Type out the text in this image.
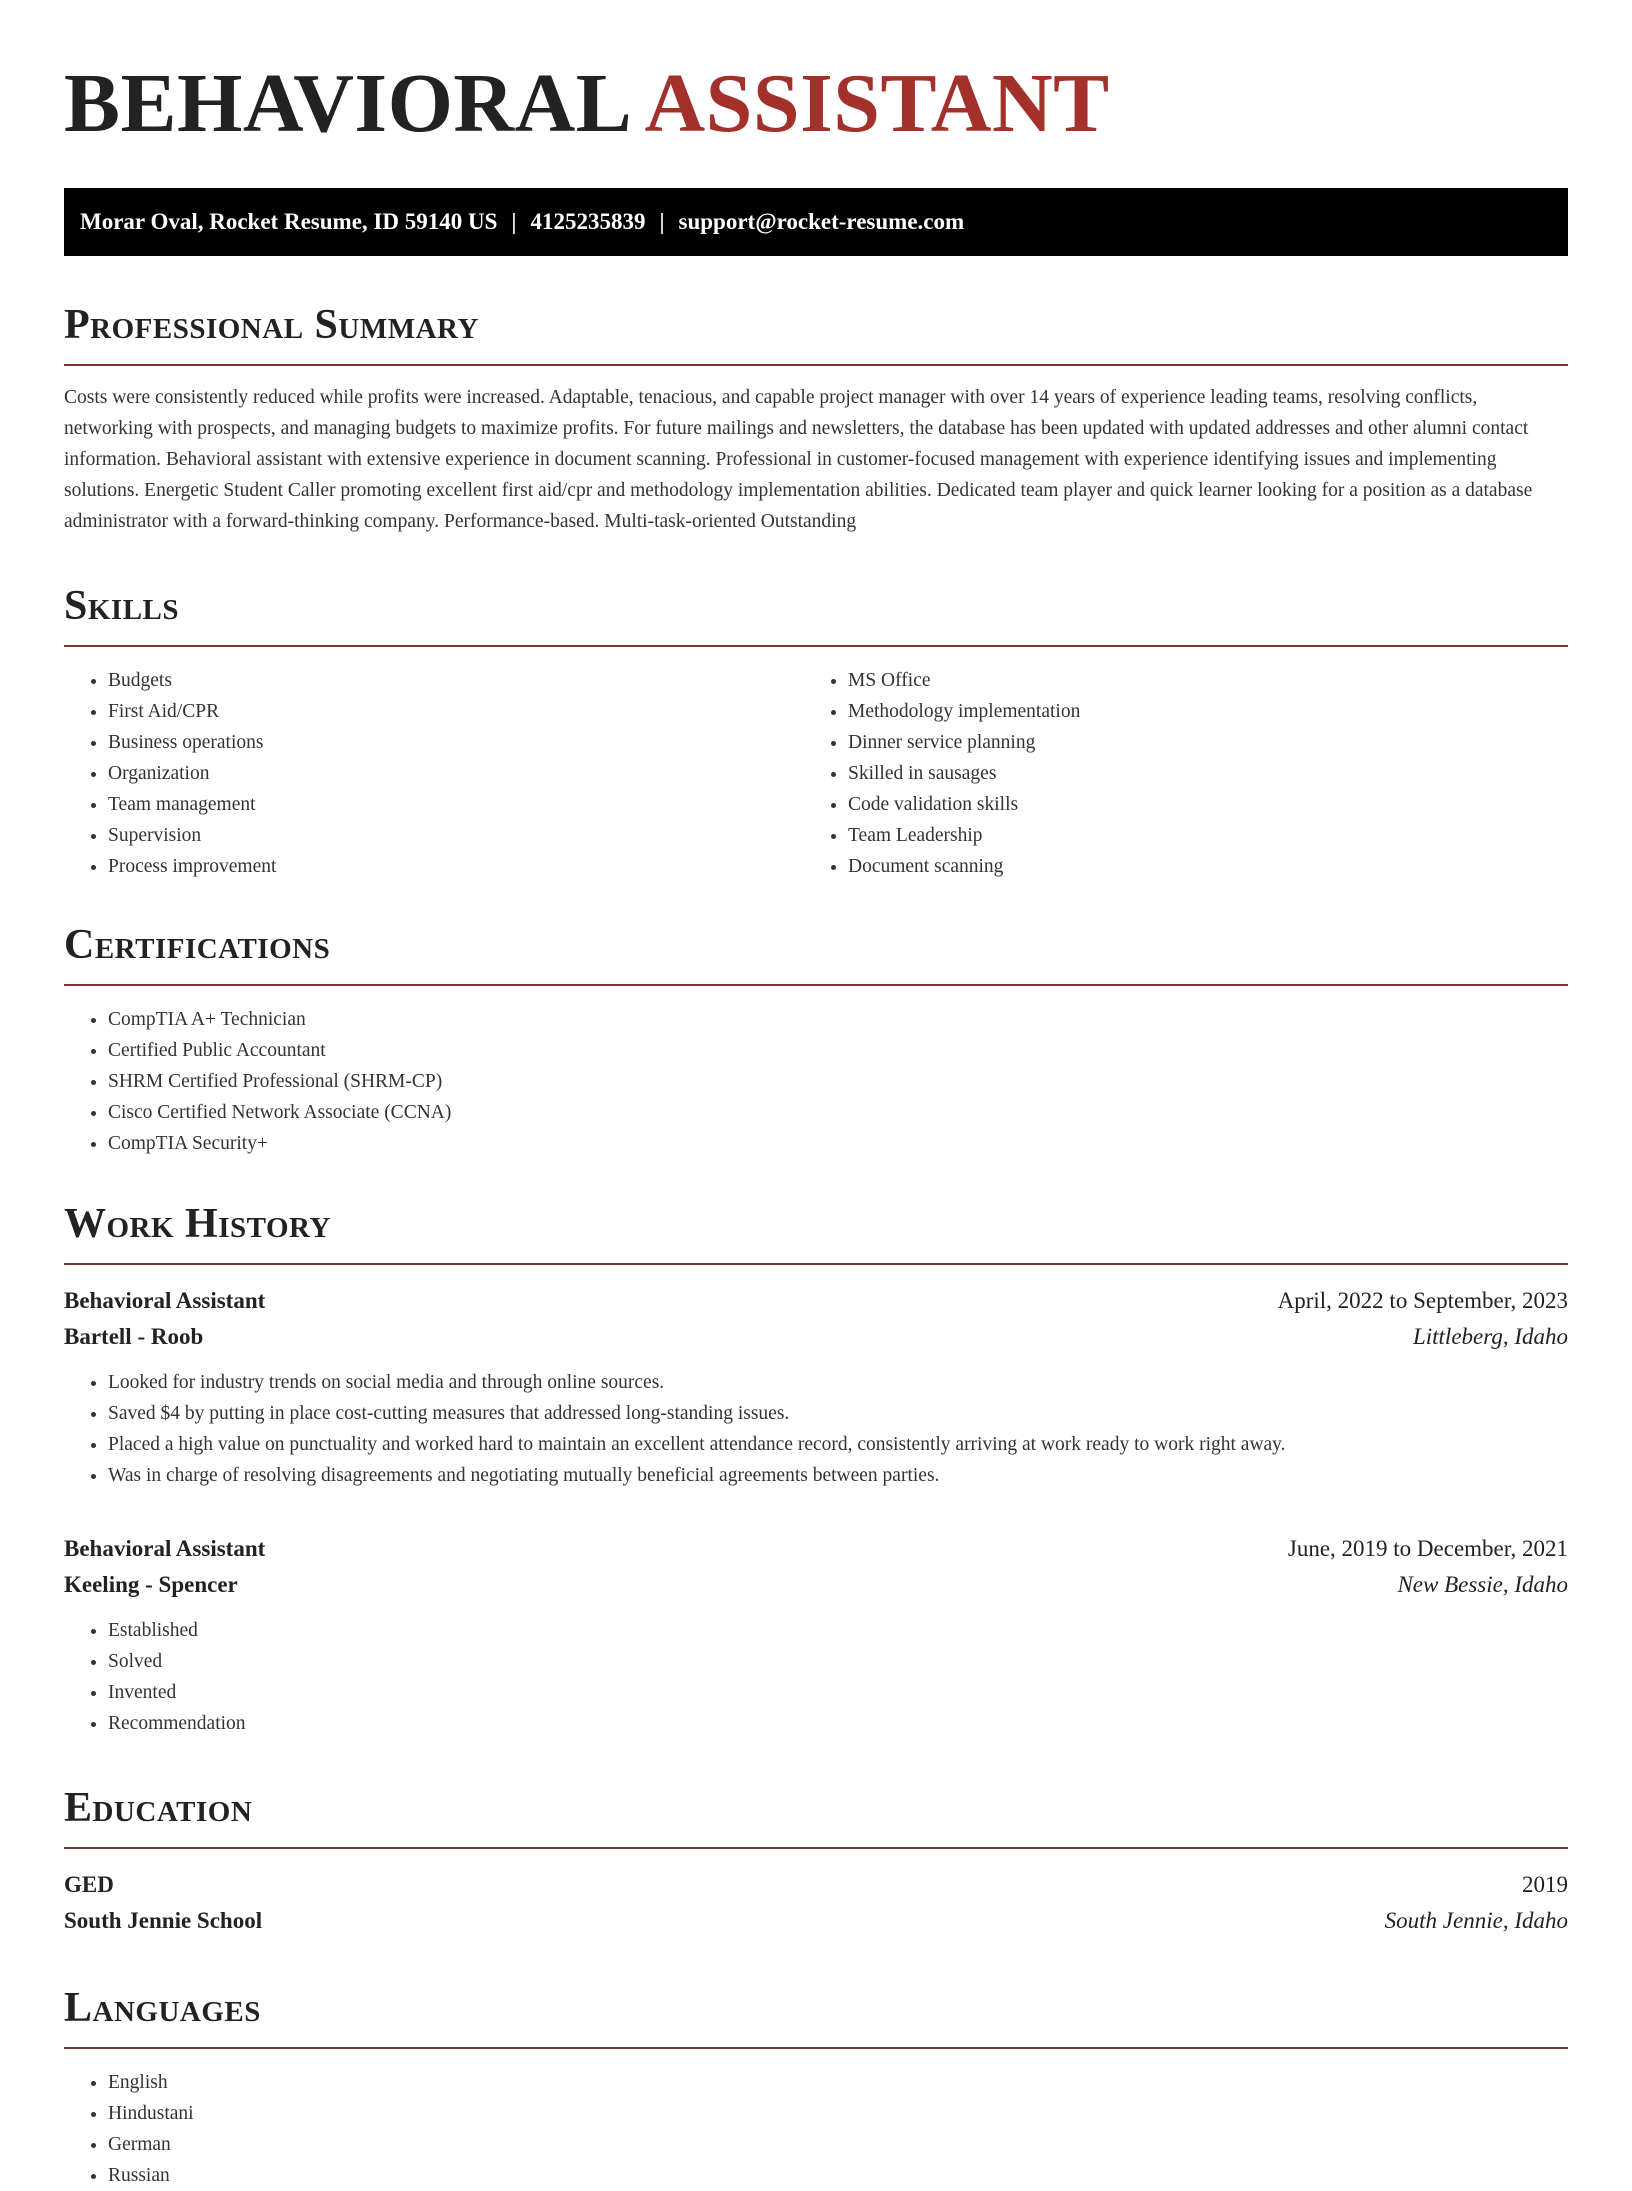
BEHAVIORAL ASSISTANT
Morar Oval, Rocket Resume, ID 59140 US | 4125235839 | support@rocket-resume.com
Professional Summary

Costs were consistently reduced while profits were increased. Adaptable, tenacious, and capable project manager with over 14 years of experience leading teams, resolving conflicts, networking with prospects, and managing budgets to maximize profits. For future mailings and newsletters, the database has been updated with updated addresses and other alumni contact information. Behavioral assistant with extensive experience in document scanning. Professional in customer-focused management with experience identifying issues and implementing solutions. Energetic Student Caller promoting excellent first aid/cpr and methodology implementation abilities. Dedicated team player and quick learner looking for a position as a database administrator with a forward-thinking company. Performance-based. Multi-task-oriented Outstanding

Skills
• Budgets
• First Aid/CPR
• Business operations
• Organization
• Team management
• Supervision
• Process improvement
• MS Office
• Methodology implementation
• Dinner service planning
• Skilled in sausages
• Code validation skills
• Team Leadership
• Document scanning
Certifications
• CompTIA A+ Technician
• Certified Public Accountant
• SHRM Certified Professional (SHRM-CP)
• Cisco Certified Network Associate (CCNA)
• CompTIA Security+
Work History
Behavioral Assistant	April, 2022 to September, 2023
Bartell - Roob	Littleberg, Idaho
• Looked for industry trends on social media and through online sources.
• Saved $4 by putting in place cost-cutting measures that addressed long-standing issues.
• Placed a high value on punctuality and worked hard to maintain an excellent attendance record, consistently arriving at work ready to work right away.
• Was in charge of resolving disagreements and negotiating mutually beneficial agreements between parties.
Behavioral Assistant	June, 2019 to December, 2021
Keeling - Spencer	New Bessie, Idaho
• Established
• Solved
• Invented
• Recommendation
Education
GED	2019
South Jennie School	South Jennie, Idaho
Languages
• English
• Hindustani
• German
• Russian
